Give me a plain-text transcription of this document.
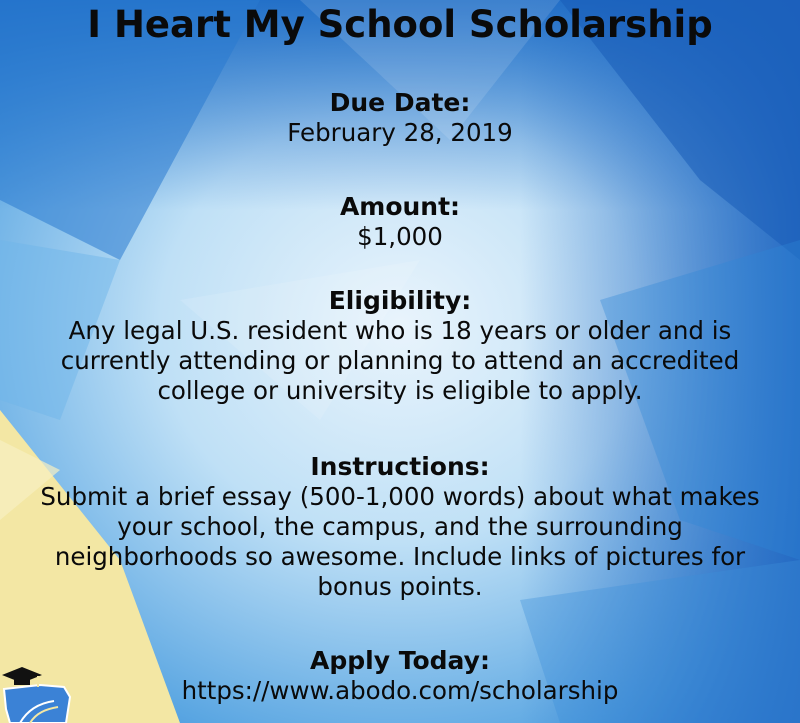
I Heart My School Scholarship

Due Date:

February 28, 2019

Amount:

$1,000

Eligibility:

Any legal U.S. resident who is 18 years or older and is

currently attending or planning to attend an accredited

college or university is eligible to apply.

Instructions:

Submit a brief essay (500-1,000 words) about what makes

your school, the campus, and the surrounding

neighborhoods so awesome. Include links of pictures for

bonus points.

Apply Today:

https://www.abodo.com/scholarship
